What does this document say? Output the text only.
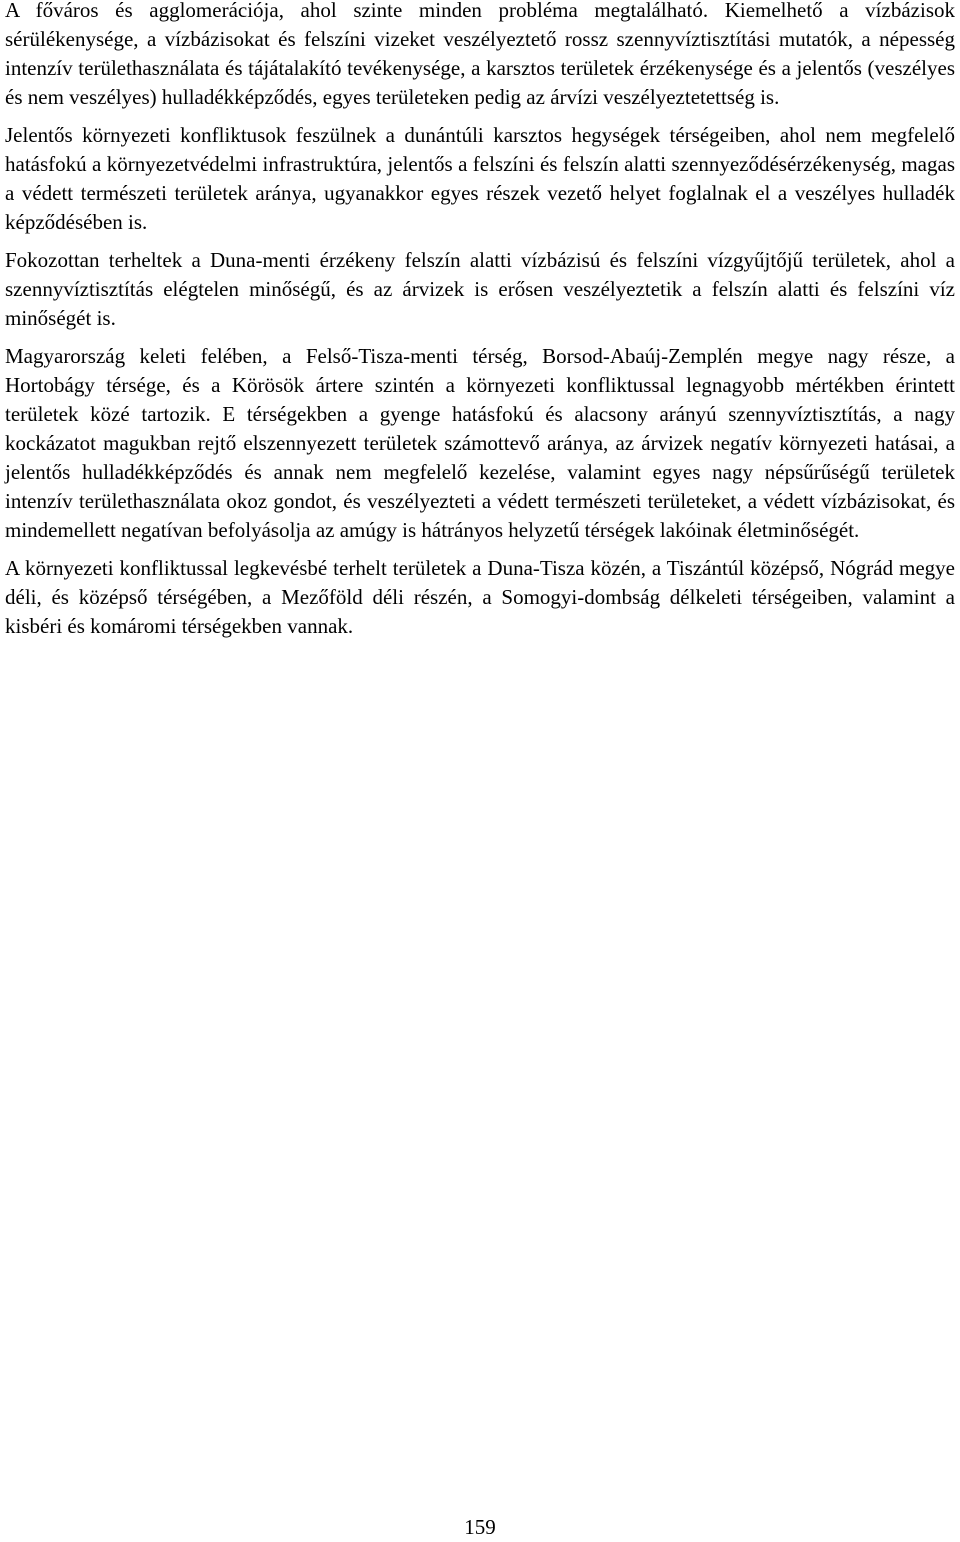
A főváros és agglomerációja, ahol szinte minden probléma megtalálható. Kiemelhető a vízbázisok sérülékenysége, a vízbázisokat és felszíni vizeket veszélyeztető rossz szennyvíztisztítási mutatók, a népesség intenzív területhasználata és tájátalakító tevékenysége, a karsztos területek érzékenysége és a jelentős (veszélyes és nem veszélyes) hulladékképződés, egyes területeken pedig az árvízi veszélyeztetettség is.

Jelentős környezeti konfliktusok feszülnek a dunántúli karsztos hegységek térségeiben, ahol nem megfelelő hatásfokú a környezetvédelmi infrastruktúra, jelentős a felszíni és felszín alatti szennyeződésérzékenység, magas a védett természeti területek aránya, ugyanakkor egyes részek vezető helyet foglalnak el a veszélyes hulladék képződésében is.

Fokozottan terheltek a Duna-menti érzékeny felszín alatti vízbázisú és felszíni vízgyűjtőjű területek, ahol a szennyvíztisztítás elégtelen minőségű, és az árvizek is erősen veszélyeztetik a felszín alatti és felszíni víz minőségét is.

Magyarország keleti felében, a Felső-Tisza-menti térség, Borsod-Abaúj-Zemplén megye nagy része, a Hortobágy térsége, és a Körösök ártere szintén a környezeti konfliktussal legnagyobb mértékben érintett területek közé tartozik. E térségekben a gyenge hatásfokú és alacsony arányú szennyvíztisztítás, a nagy kockázatot magukban rejtő elszennyezett területek számottevő aránya, az árvizek negatív környezeti hatásai, a jelentős hulladékképződés és annak nem megfelelő kezelése, valamint egyes nagy népsűrűségű területek intenzív területhasználata okoz gondot, és veszélyezteti a védett természeti területeket, a védett vízbázisokat, és mindemellett negatívan befolyásolja az amúgy is hátrányos helyzetű térségek lakóinak életminőségét.

A környezeti konfliktussal legkevésbé terhelt területek a Duna-Tisza közén, a Tiszántúl középső, Nógrád megye déli, és középső térségében, a Mezőföld déli részén, a Somogyi-dombság délkeleti térségeiben, valamint a kisbéri és komáromi térségekben vannak.

159
